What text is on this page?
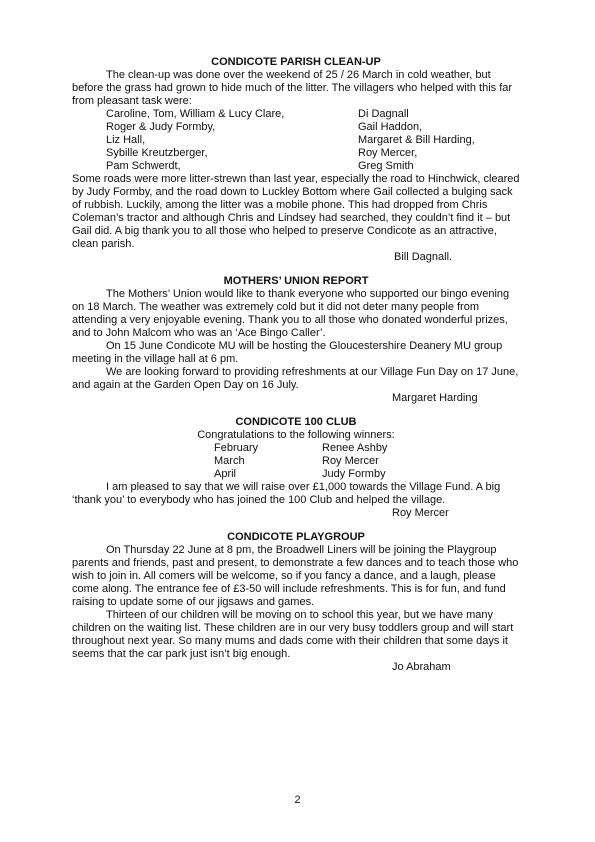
CONDICOTE PARISH CLEAN-UP

The clean-up was done over the weekend of 25 / 26 March in cold weather, but before the grass had grown to hide much of the litter. The villagers who helped with this far from pleasant task were:

Caroline, Tom, William & Lucy Clare,	Di Dagnall
Roger & Judy Formby,	Gail Haddon,
Liz Hall,	Margaret & Bill Harding,
Sybille Kreutzberger,	Roy Mercer,
Pam Schwerdt,	Greg Smith

Some roads were more litter-strewn than last year, especially the road to Hinchwick, cleared by Judy Formby, and the road down to Luckley Bottom where Gail collected a bulging sack of rubbish. Luckily, among the litter was a mobile phone. This had dropped from Chris Coleman’s tractor and although Chris and Lindsey had searched, they couldn’t find it – but Gail did. A big thank you to all those who helped to preserve Condicote as an attractive, clean parish.

Bill Dagnall.

MOTHERS’ UNION REPORT

The Mothers’ Union would like to thank everyone who supported our bingo evening on 18 March. The weather was extremely cold but it did not deter many people from attending a very enjoyable evening. Thank you to all those who donated wonderful prizes, and to John Malcom who was an ‘Ace Bingo Caller’.

On 15 June Condicote MU will be hosting the Gloucestershire Deanery MU group meeting in the village hall at 6 pm.

We are looking forward to providing refreshments at our Village Fun Day on 17 June, and again at the Garden Open Day on 16 July.

Margaret Harding

CONDICOTE 100 CLUB

Congratulations to the following winners:

February	Renee Ashby
March	Roy Mercer
April	Judy Formby

I am pleased to say that we will raise over £1,000 towards the Village Fund. A big ‘thank you’ to everybody who has joined the 100 Club and helped the village.

Roy Mercer

CONDICOTE PLAYGROUP

On Thursday 22 June at 8 pm, the Broadwell Liners will be joining the Playgroup parents and friends, past and present, to demonstrate a few dances and to teach those who wish to join in. All comers will be welcome, so if you fancy a dance, and a laugh, please come along. The entrance fee of £3-50 will include refreshments. This is for fun, and fund raising to update some of our jigsaws and games.

Thirteen of our children will be moving on to school this year, but we have many children on the waiting list. These children are in our very busy toddlers group and will start throughout next year. So many mums and dads come with their children that some days it seems that the car park just isn’t big enough.

Jo Abraham

2
